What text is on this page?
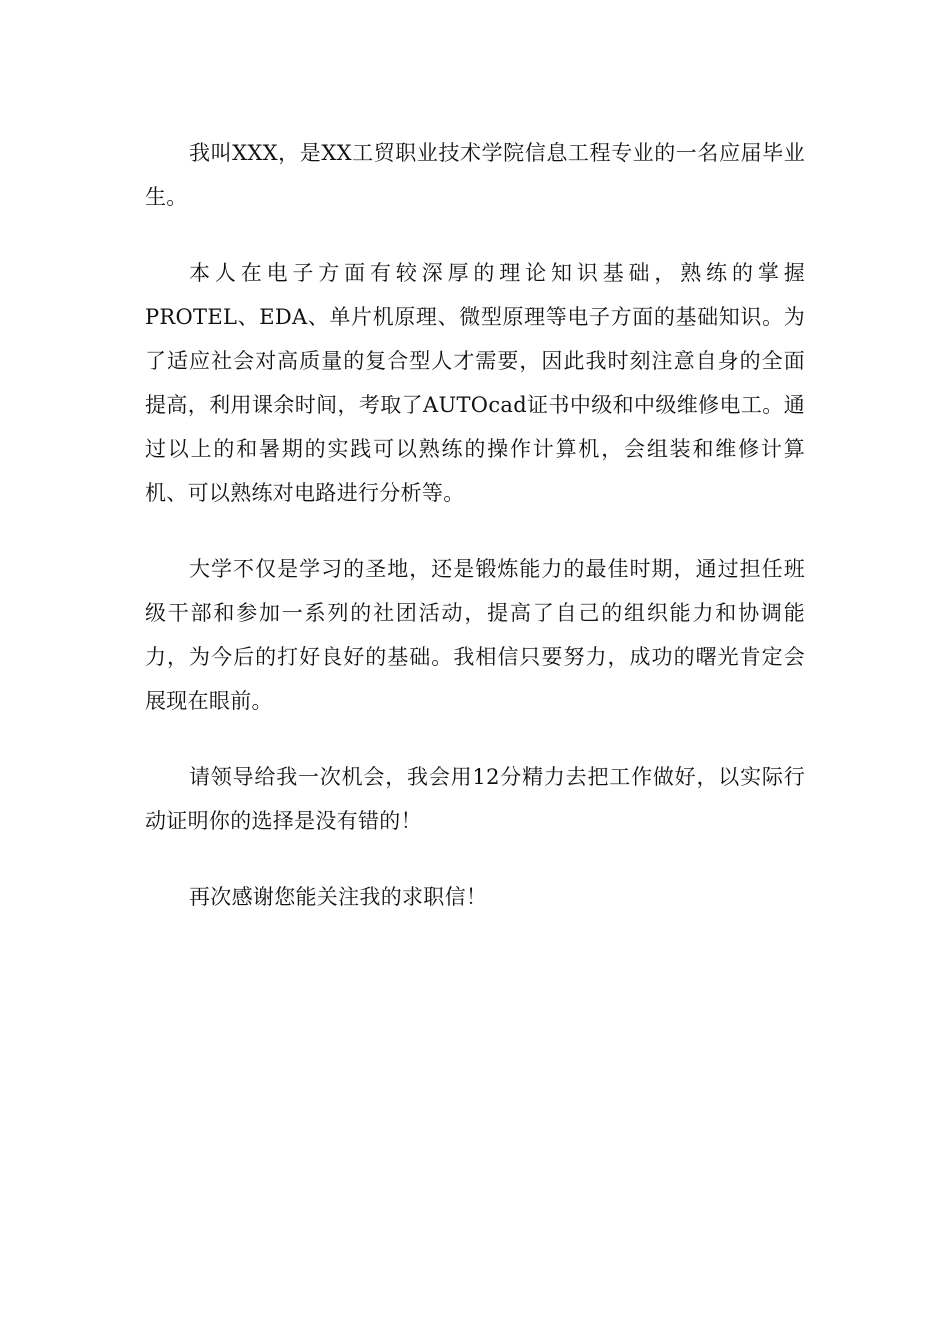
我叫XXX，是XX工贸职业技术学院信息工程专业的一名应届毕业生。

本人在电子方面有较深厚的理论知识基础，熟练的掌握PROTEL、EDA、单片机原理、微型原理等电子方面的基础知识。为了适应社会对高质量的复合型人才需要，因此我时刻注意自身的全面提高，利用课余时间，考取了AUTOcad证书中级和中级维修电工。通过以上的和暑期的实践可以熟练的操作计算机，会组装和维修计算机、可以熟练对电路进行分析等。

大学不仅是学习的圣地，还是锻炼能力的最佳时期，通过担任班级干部和参加一系列的社团活动，提高了自己的组织能力和协调能力，为今后的打好良好的基础。我相信只要努力，成功的曙光肯定会展现在眼前。

请领导给我一次机会，我会用12分精力去把工作做好，以实际行动证明你的选择是没有错的！

再次感谢您能关注我的求职信！
